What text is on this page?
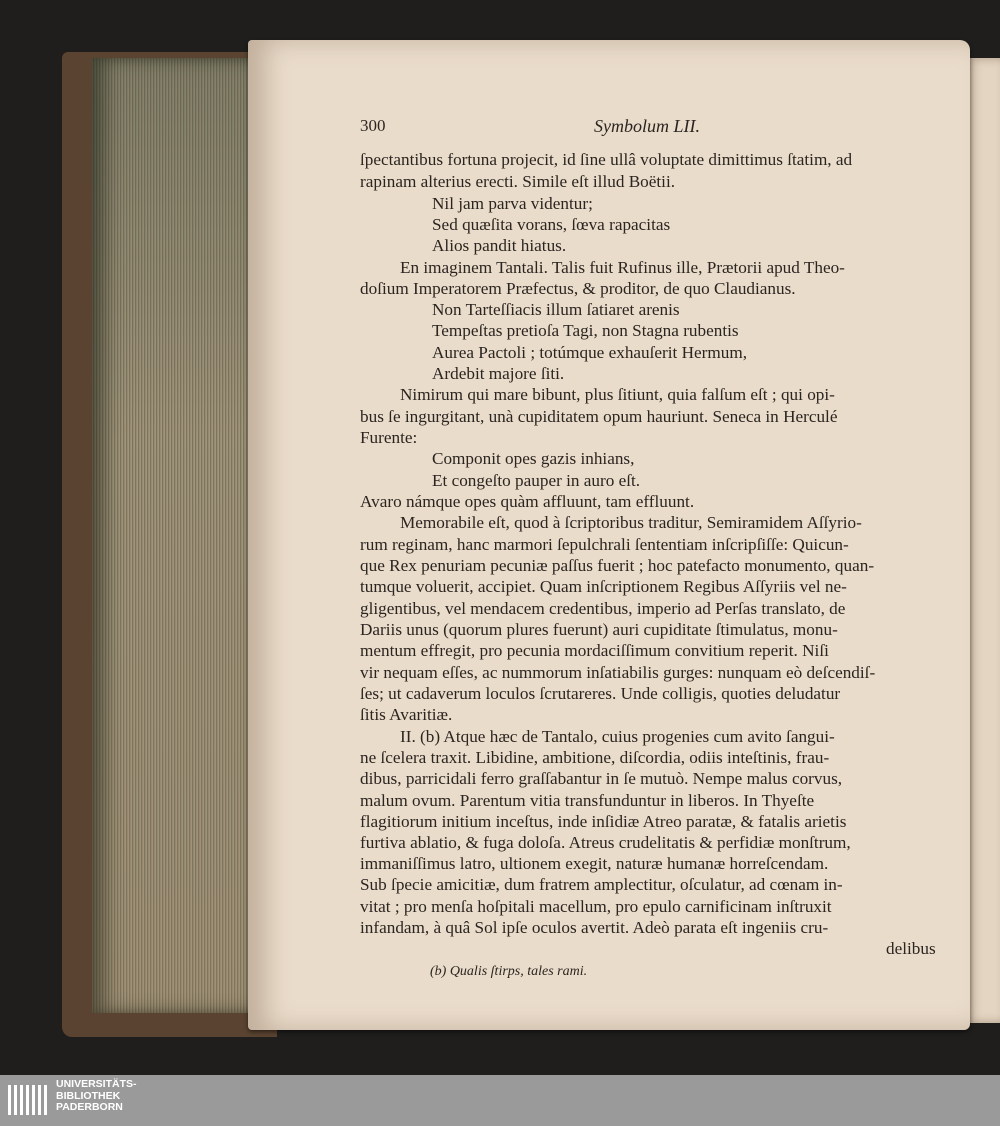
300	Symbolum LII.
ſpectantibus fortuna projecit, id ſine ullâ voluptate dimittimus ſtatim, ad
rapinam alterius erecti. Simile eſt illud Boëtii.
Nil jam parva videntur;
Sed quæſita vorans, ſœva rapacitas
Alios pandit hiatus.
En imaginem Tantali. Talis fuit Rufinus ille, Prætorii apud Theo-
doſium Imperatorem Præfectus, & proditor, de quo Claudianus.
Non Tarteſſiacis illum ſatiaret arenis
Tempeſtas pretioſa Tagi, non Stagna rubentis
Aurea Pactoli ; totúmque exhauſerit Hermum,
Ardebit majore ſiti.
Nimirum qui mare bibunt, plus ſitiunt, quia falſum eſt ; qui opi-
bus ſe ingurgitant, unà cupiditatem opum hauriunt. Seneca in Herculé
Furente:
Componit opes gazis inhians,
Et congeſto pauper in auro eſt.
Avaro námque opes quàm affluunt, tam effluunt.
Memorabile eſt, quod à ſcriptoribus traditur, Semiramidem Aſſyrio-
rum reginam, hanc marmori ſepulchrali ſententiam inſcripſiſſe: Quicun-
que Rex penuriam pecuniæ paſſus fuerit ; hoc patefacto monumento, quan-
tumque voluerit, accipiet. Quam inſcriptionem Regibus Aſſyriis vel ne-
gligentibus, vel mendacem credentibus, imperio ad Perſas translato, de
Dariis unus (quorum plures fuerunt) auri cupiditate ſtimulatus, monu-
mentum effregit, pro pecunia mordaciſſimum convitium reperit. Niſi
vir nequam eſſes, ac nummorum inſatiabilis gurges: nunquam eò deſcendiſ-
ſes; ut cadaverum loculos ſcrutareres. Unde colligis, quoties deludatur
ſitis Avaritiæ.
II. (b) Atque hæc de Tantalo, cuius progenies cum avito ſangui-
ne ſcelera traxit. Libidine, ambitione, diſcordia, odiis inteſtinis, frau-
dibus, parricidali ferro graſſabantur in ſe mutuò. Nempe malus corvus,
malum ovum. Parentum vitia transfunduntur in liberos. In Thyeſte
flagitiorum initium inceſtus, inde inſidiæ Atreo paratæ, & fatalis arietis
furtiva ablatio, & fuga doloſa. Atreus crudelitatis & perfidiæ monſtrum,
immaniſſimus latro, ultionem exegit, naturæ humanæ horreſcendam.
Sub ſpecie amicitiæ, dum fratrem amplectitur, oſculatur, ad cœnam in-
vitat ; pro menſa hoſpitali macellum, pro epulo carnificinam inſtruxit
infandam, à quâ Sol ipſe oculos avertit. Adeò parata eſt ingeniis cru-
delibus
(b) Qualis ſtirps, tales rami.
UNIVERSITÄTS-
BIBLIOTHEK
PADERBORN
